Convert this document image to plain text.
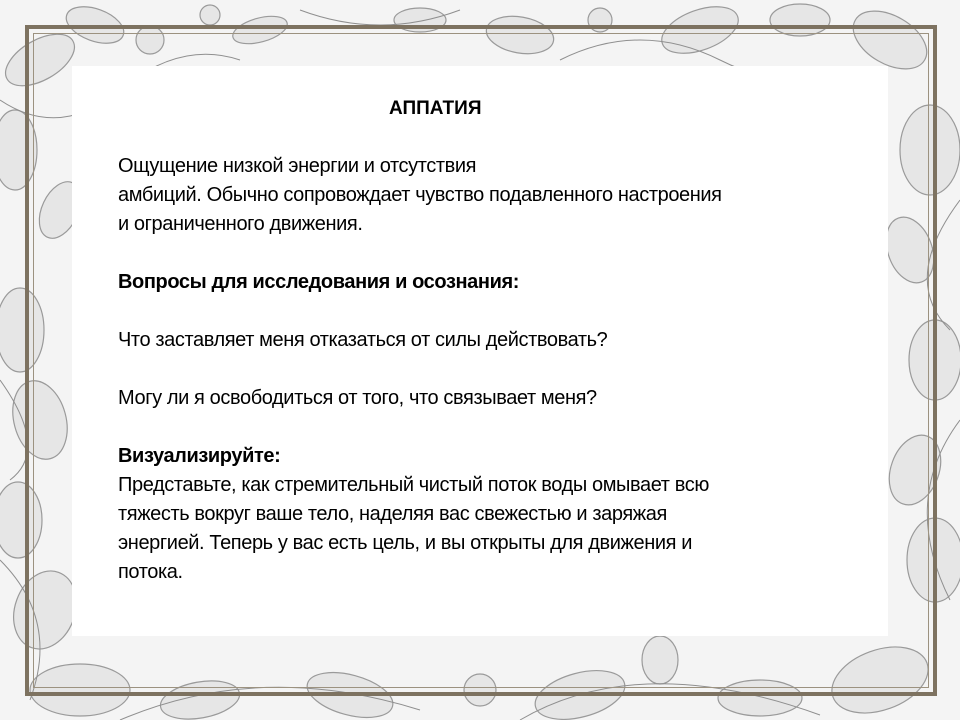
АППАТИЯ

Ощущение низкой энергии и отсутствия

амбиций. Обычно сопровождает чувство подавленного настроения

и ограниченного движения.

Вопросы для исследования и осознания:

Что заставляет меня отказаться от силы действовать?

Могу ли я освободиться от того, что связывает меня?

Визуализируйте:

Представьте, как стремительный чистый поток воды омывает всю

тяжесть вокруг ваше тело, наделяя вас свежестью и заряжая

энергией. Теперь у вас есть цель, и вы открыты для движения и

потока.
